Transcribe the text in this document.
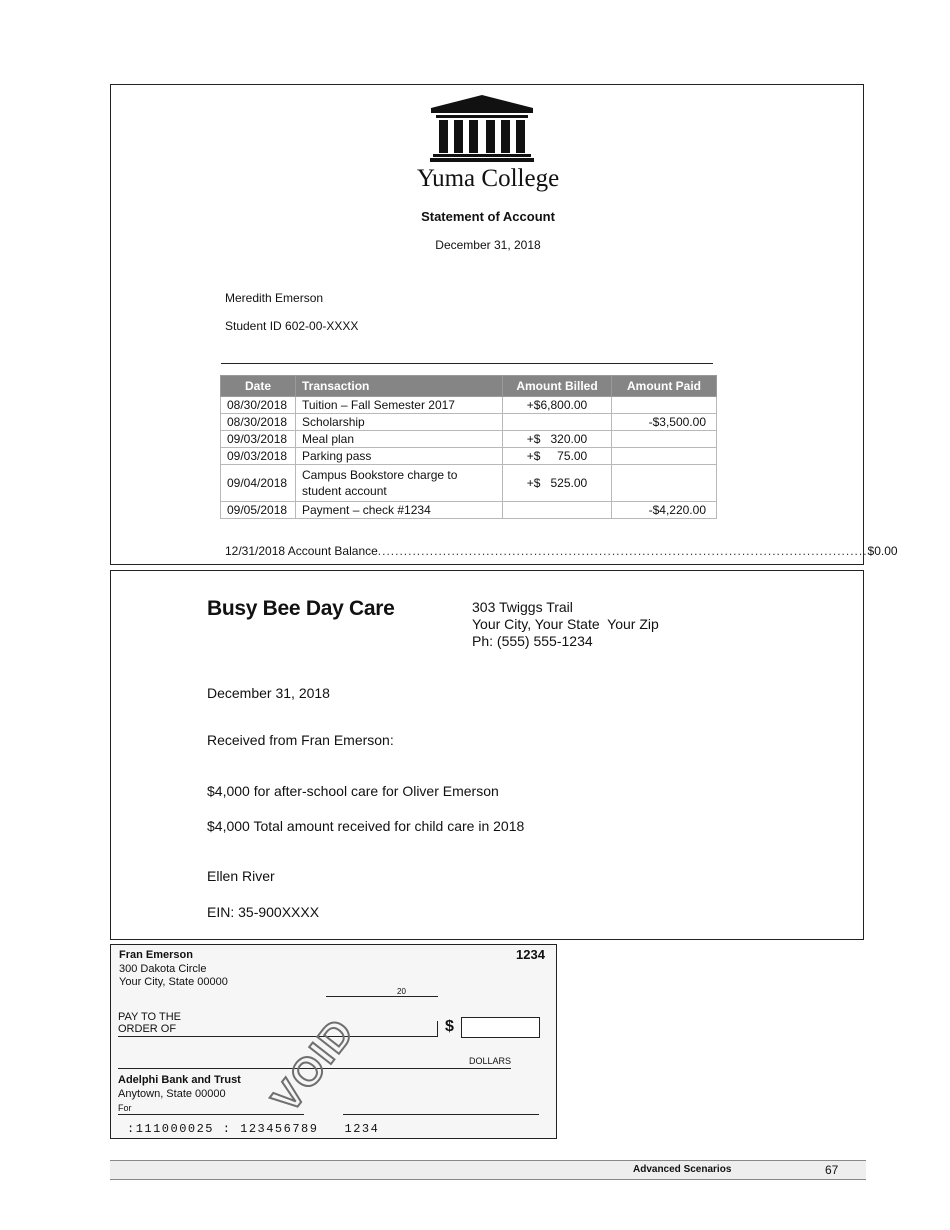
Yuma College
Statement of Account
December 31, 2018
Meredith Emerson
Student ID 602-00-XXXX
Date	Transaction	Amount Billed	Amount Paid
08/30/2018	Tuition – Fall Semester 2017	+$6,800.00	
08/30/2018	Scholarship		-$3,500.00
09/03/2018	Meal plan	+$   320.00	
09/03/2018	Parking pass	+$     75.00	
09/04/2018	Campus Bookstore charge to student account	+$   525.00	
09/05/2018	Payment – check #1234		-$4,220.00
12/31/2018 Account Balance ................................................................................................................. $0.00
Busy Bee Day Care	303 Twiggs Trail
Your City, Your State  Your Zip
Ph: (555) 555-1234
December 31, 2018
Received from Fran Emerson:
$4,000 for after-school care for Oliver Emerson
$4,000 Total amount received for child care in 2018
Ellen River
EIN: 35-900XXXX
Fran Emerson
300 Dakota Circle
Your City, State 00000
1234
20
PAY TO THE
ORDER OF	$
DOLLARS
Adelphi Bank and Trust
Anytown, State 00000
For
:111000025 : 123456789   1234
VOID
Advanced Scenarios	67
